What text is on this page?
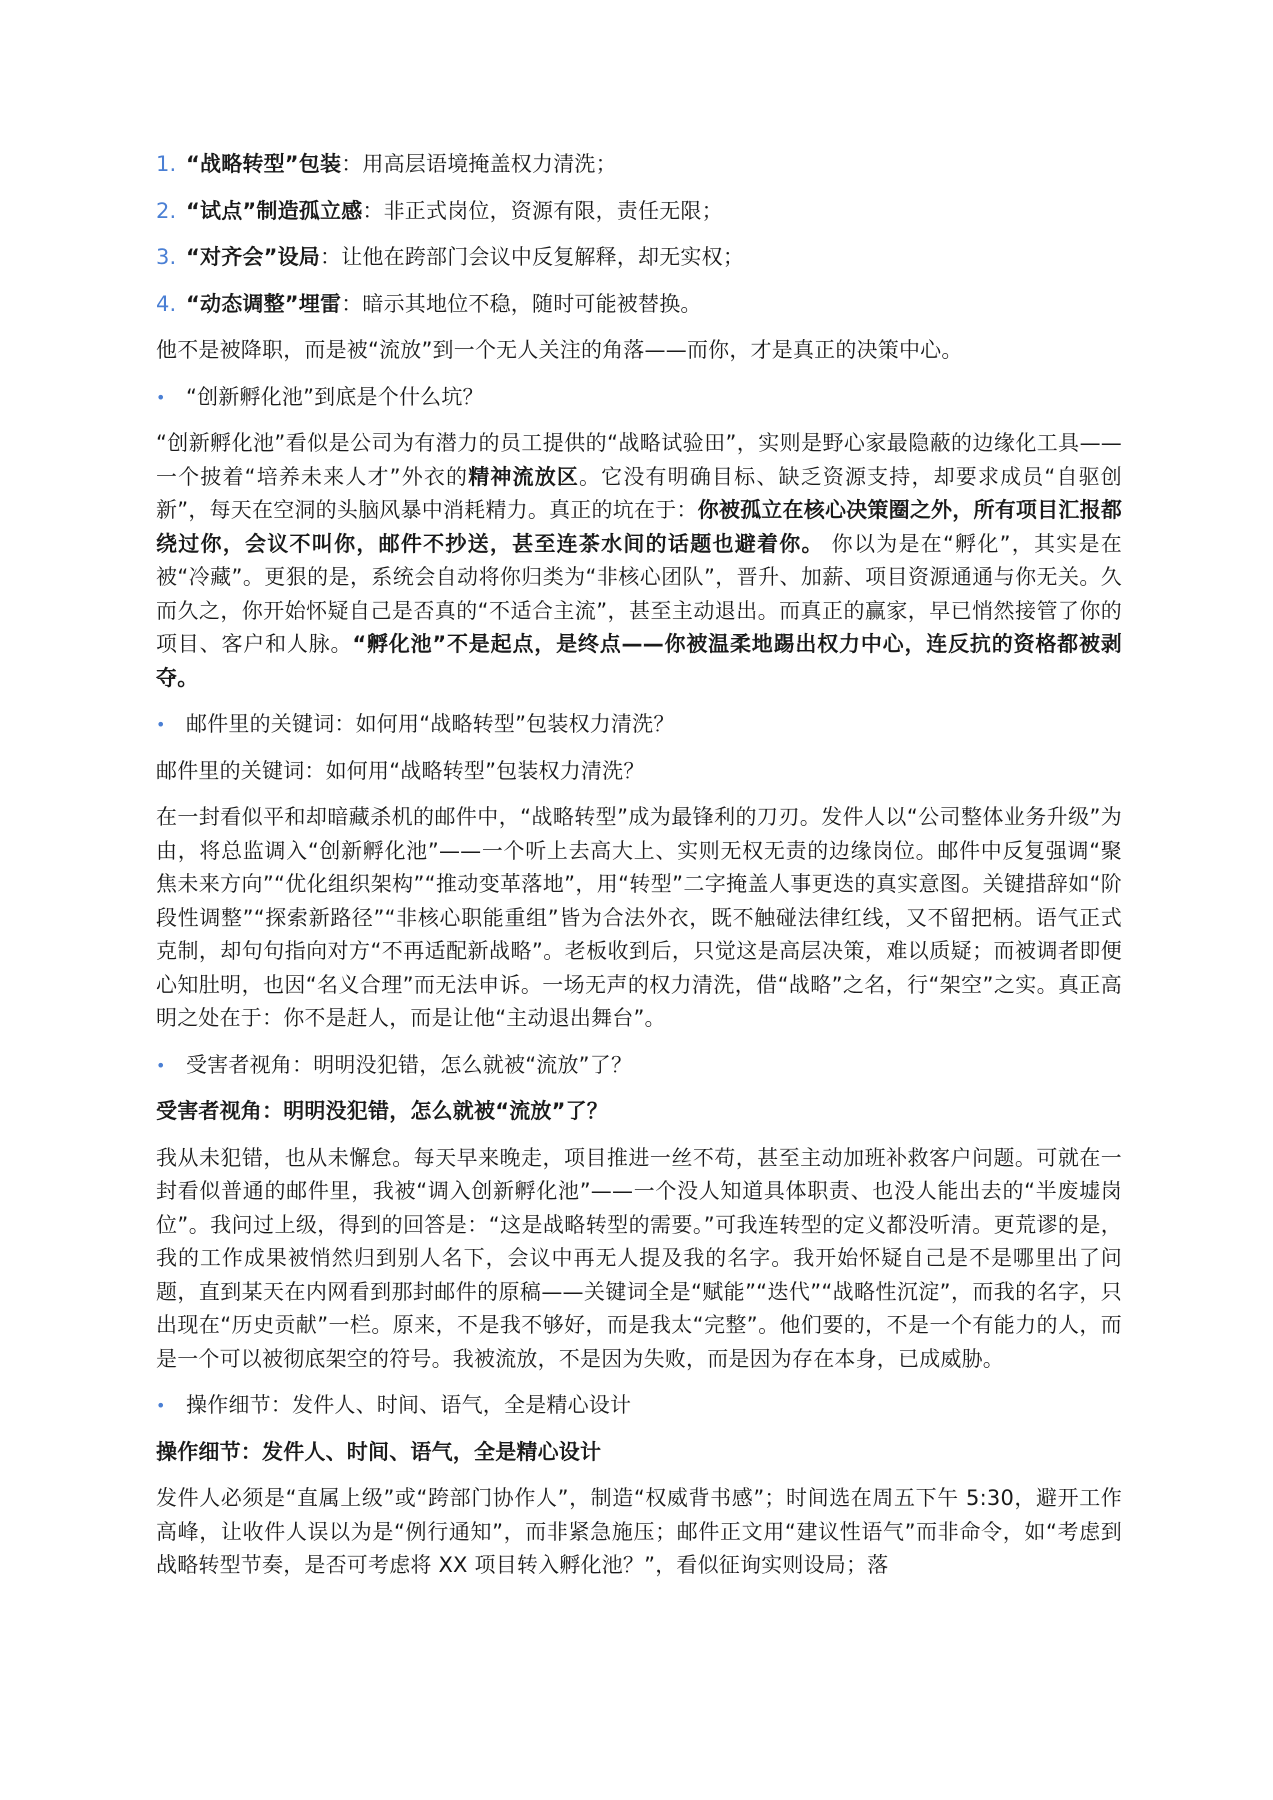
1. “战略转型”包装：用高层语境掩盖权力清洗；
2. “试点”制造孤立感：非正式岗位，资源有限，责任无限；
3. “对齐会”设局：让他在跨部门会议中反复解释，却无实权；
4. “动态调整”埋雷：暗示其地位不稳，随时可能被替换。

他不是被降职，而是被“流放”到一个无人关注的角落——而你，才是真正的决策中心。

• “创新孵化池”到底是个什么坑？

“创新孵化池”看似是公司为有潜力的员工提供的“战略试验田”，实则是野心家最隐蔽的边缘化工具——一个披着“培养未来人才”外衣的精神流放区。它没有明确目标、缺乏资源支持，却要求成员“自驱创新”，每天在空洞的头脑风暴中消耗精力。真正的坑在于：你被孤立在核心决策圈之外，所有项目汇报都绕过你，会议不叫你，邮件不抄送，甚至连茶水间的话题也避着你。 你以为是在“孵化”，其实是在被“冷藏”。更狠的是，系统会自动将你归类为“非核心团队”，晋升、加薪、项目资源通通与你无关。久而久之，你开始怀疑自己是否真的“不适合主流”，甚至主动退出。而真正的赢家，早已悄然接管了你的项目、客户和人脉。“孵化池”不是起点，是终点——你被温柔地踢出权力中心，连反抗的资格都被剥夺。

• 邮件里的关键词：如何用“战略转型”包装权力清洗？

邮件里的关键词：如何用“战略转型”包装权力清洗？

在一封看似平和却暗藏杀机的邮件中，“战略转型”成为最锋利的刀刃。发件人以“公司整体业务升级”为由，将总监调入“创新孵化池”——一个听上去高大上、实则无权无责的边缘岗位。邮件中反复强调“聚焦未来方向”“优化组织架构”“推动变革落地”，用“转型”二字掩盖人事更迭的真实意图。关键措辞如“阶段性调整”“探索新路径”“非核心职能重组”皆为合法外衣，既不触碰法律红线，又不留把柄。语气正式克制，却句句指向对方“不再适配新战略”。老板收到后，只觉这是高层决策，难以质疑；而被调者即便心知肚明，也因“名义合理”而无法申诉。一场无声的权力清洗，借“战略”之名，行“架空”之实。真正高明之处在于：你不是赶人，而是让他“主动退出舞台”。

• 受害者视角：明明没犯错，怎么就被“流放”了？
受害者视角：明明没犯错，怎么就被“流放”了？

我从未犯错，也从未懈怠。每天早来晚走，项目推进一丝不苟，甚至主动加班补救客户问题。可就在一封看似普通的邮件里，我被“调入创新孵化池”——一个没人知道具体职责、也没人能出去的“半废墟岗位”。我问过上级，得到的回答是：“这是战略转型的需要。”可我连转型的定义都没听清。更荒谬的是，我的工作成果被悄然归到别人名下，会议中再无人提及我的名字。我开始怀疑自己是不是哪里出了问题，直到某天在内网看到那封邮件的原稿——关键词全是“赋能”“迭代”“战略性沉淀”，而我的名字，只出现在“历史贡献”一栏。原来，不是我不够好，而是我太“完整”。他们要的，不是一个有能力的人，而是一个可以被彻底架空的符号。我被流放，不是因为失败，而是因为存在本身，已成威胁。

• 操作细节：发件人、时间、语气，全是精心设计
操作细节：发件人、时间、语气，全是精心设计

发件人必须是“直属上级”或“跨部门协作人”，制造“权威背书感”；时间选在周五下午 5:30，避开工作高峰，让收件人误以为是“例行通知”，而非紧急施压；邮件正文用“建议性语气”而非命令，如“考虑到战略转型节奏，是否可考虑将 XX 项目转入孵化池？”，看似征询实则设局；落
